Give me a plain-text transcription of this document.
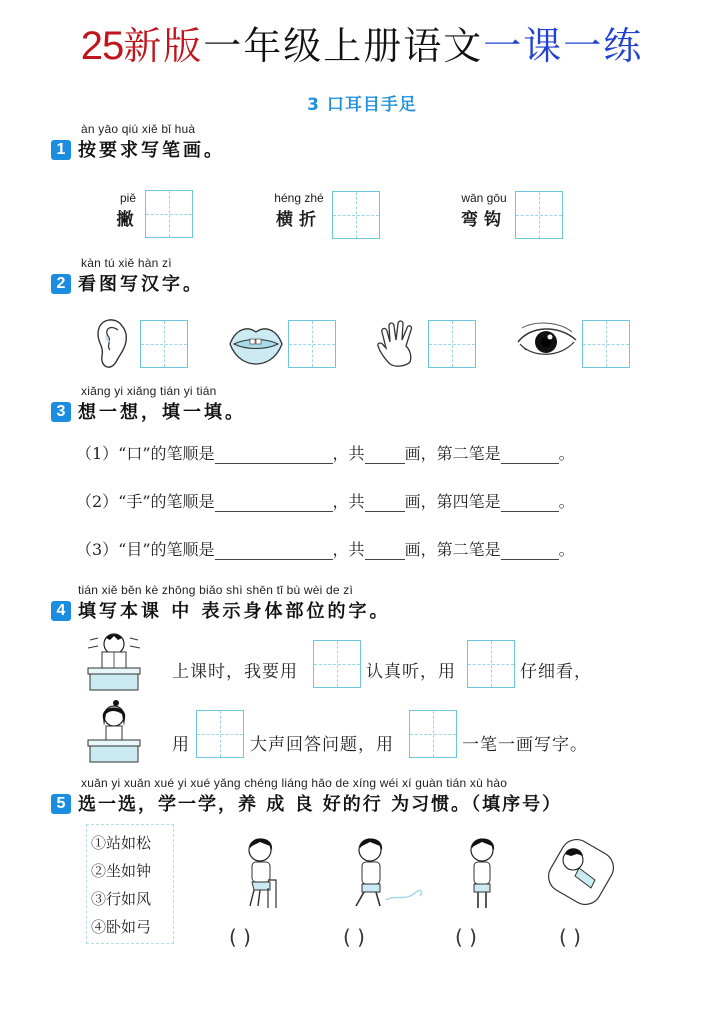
25新版一年级上册语文一课一练
3 口耳目手足
àn yāo qiú xiě bǐ huà
1 按要求写笔画。
piě
撇
héng zhé
横折
wān gōu
弯钩
kàn tú xiě hàn zì
2 看图写汉字。
xiǎng yi xiǎng tián yi tián
3 想一想，填一填。
（1）“口”的笔顺是	，共	画，第二笔是	。
（2）“手”的笔顺是	，共	画，第四笔是	。
（3）“目”的笔顺是	，共	画，第二笔是	。
tián xiě běn kè zhōng biǎo shì shēn tǐ bù wèi de zì
4 填写本课 中 表示身体部位的字。
上课时，我要用	认真听，用	仔细看，
用	大声回答问题，用	一笔一画写字。
xuǎn yi xuǎn xué yi xué yǎng chéng liáng hǎo de xíng wéi xí guàn tián xù hào
5 选一选，学一学，养 成 良 好的行 为习惯。（填序号）
①站如松
②坐如钟
③行如风
④卧如弓	( )	( )	( )	( )
